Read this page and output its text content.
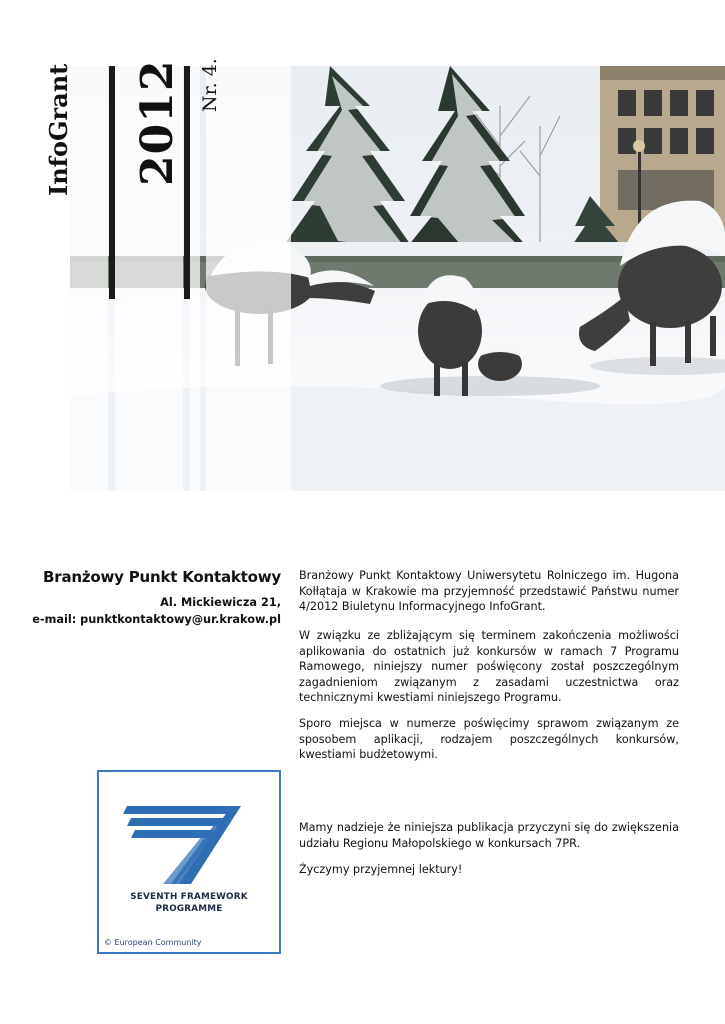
InfoGrant 2012 Nr. 4.
Branżowy Punkt Kontaktowy
Al. Mickiewicza 21,
e-mail: punktkontaktowy@ur.krakow.pl
SEVENTH FRAMEWORK
PROGRAMME
© European Community
Branżowy Punkt Kontaktowy Uniwersytetu Rolniczego im. Hugona Kołłątaja w Krakowie ma przyjemność przedstawić Państwu numer 4/2012 Biuletynu Informacyjnego InfoGrant.
W związku ze zbliżającym się terminem zakończenia możliwości aplikowania do ostatnich już konkursów w ramach 7 Programu Ramowego, niniejszy numer poświęcony został poszczególnym zagadnieniom związanym z zasadami uczestnictwa oraz technicznymi kwestiami niniejszego Programu.
Sporo miejsca w numerze poświęcimy sprawom związanym ze sposobem aplikacji, rodzajem poszczególnych konkursów, kwestiami budżetowymi.
Mamy nadzieje że niniejsza publikacja przyczyni się do zwiększenia udziału Regionu Małopolskiego w konkursach 7PR.
Życzymy przyjemnej lektury!
